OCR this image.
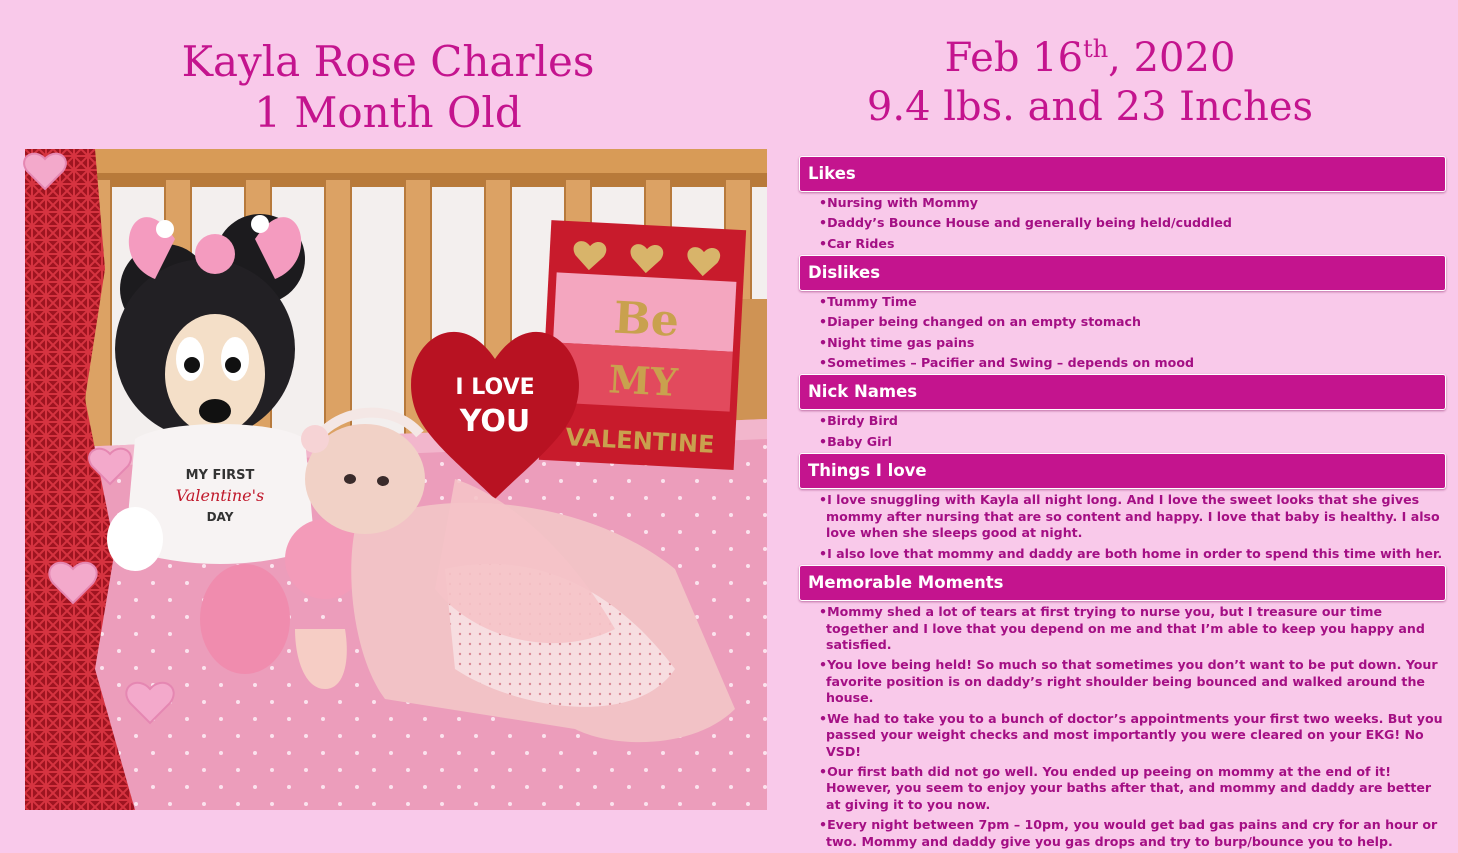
Kayla Rose Charles
1 Month Old
Feb 16th, 2020
9.4 lbs. and 23 Inches
Be
MY
VALENTINE
I LOVE
YOU
MY FIRST
Valentine's
DAY
Likes
• Nursing with Mommy
• Daddy’s Bounce House and generally being held/cuddled
• Car Rides
Dislikes
• Tummy Time
• Diaper being changed on an empty stomach
• Night time gas pains
• Sometimes – Pacifier and Swing – depends on mood
Nick Names
• Birdy Bird
• Baby Girl
Things I love
• I love snuggling with Kayla all night long. And I love the sweet looks that she gives mommy after nursing that are so content and happy. I love that baby is healthy. I also love when she sleeps good at night.
• I also love that mommy and daddy are both home in order to spend this time with her.
Memorable Moments
• Mommy shed a lot of tears at first trying to nurse you, but I treasure our time together and I love that you depend on me and that I’m able to keep you happy and satisfied.
• You love being held! So much so that sometimes you don’t want to be put down. Your favorite position is on daddy’s right shoulder being bounced and walked around the house.
• We had to take you to a bunch of doctor’s appointments your first two weeks. But you passed your weight checks and most importantly you were cleared on your EKG! No VSD!
• Our first bath did not go well. You ended up peeing on mommy at the end of it! However, you seem to enjoy your baths after that, and mommy and daddy are better at giving it to you now.
• Every night between 7pm – 10pm, you would get bad gas pains and cry for an hour or two. Mommy and daddy give you gas drops and try to burp/bounce you to help.
